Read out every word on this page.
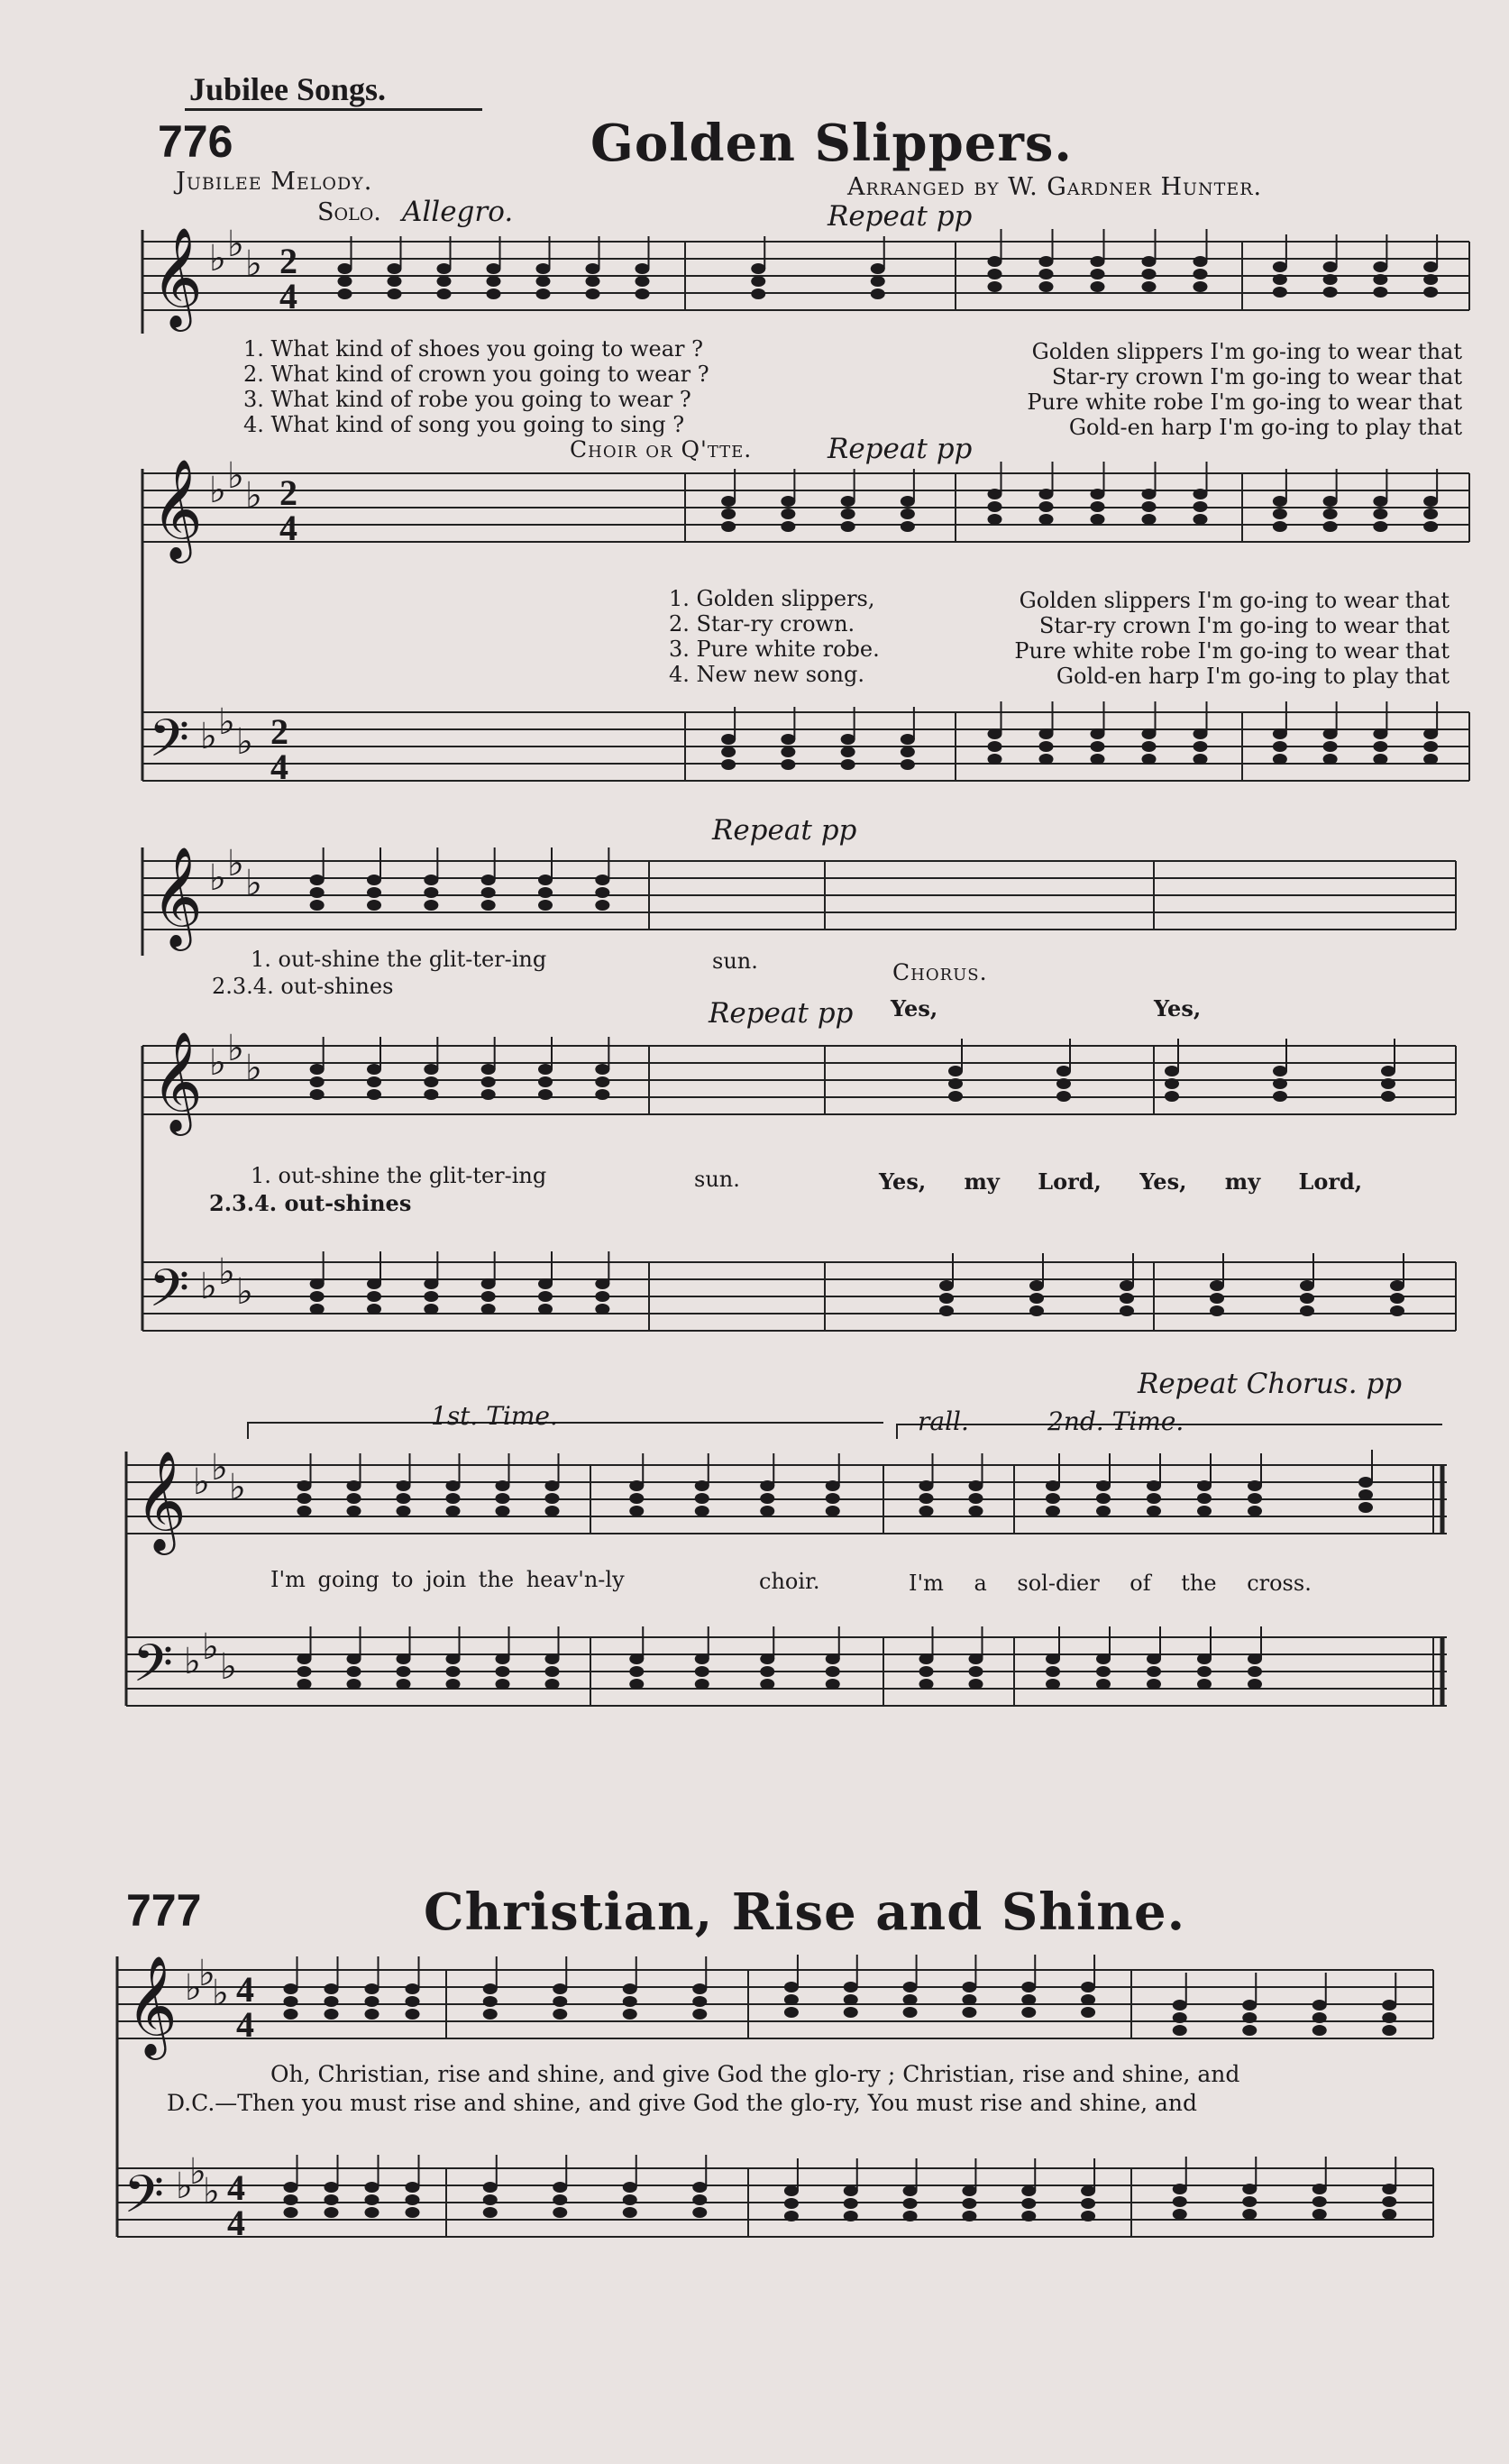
Jubilee Songs.
776	Golden Slippers.
Jubilee Melody.	Arranged by W. Gardner Hunter.
Solo. Allegro.	Repeat pp
𝄞
𝄞
𝄢
𝄞
𝄞
𝄢
𝄞
𝄢
𝄞
𝄢
♭ ♭ ♭
♭ ♭ ♭
♭ ♭ ♭
♭ ♭ ♭
♭ ♭ ♭
♭ ♭ ♭
♭ ♭ ♭
♭ ♭ ♭
♭
♭
♭
♭
♭
♭
2
4
2
4
2
4
4
4
4
4
1. What kind of shoes you going to wear ?
2. What kind of crown you going to wear ?
3. What kind of robe you going to wear ?
4. What kind of song you going to sing ?
Golden slippers I'm go-ing to wear that
Star-ry crown I'm go-ing to wear that
Pure white robe I'm go-ing to wear that
Gold-en harp I'm go-ing to play that
Choir or Q'tte.	Repeat pp
1. Golden slippers,
2. Star-ry crown.
3. Pure white robe.
4. New new song.
Golden slippers I'm go-ing to wear that
Star-ry crown I'm go-ing to wear that
Pure white robe I'm go-ing to wear that
Gold-en harp I'm go-ing to play that
Repeat pp
1. out-shine the glit-ter-ing	sun.
2.3.4. out-shines
Chorus.
Repeat pp Yes,	Yes,
1. out-shine the glit-ter-ing	sun.
2.3.4. out-shines
Yes, my Lord, Yes, my Lord,
Repeat Chorus. pp
1st. Time.	rall.	2nd. Time.
I'm going to join the heav'n-ly	choir.	I'm a sol-dier of the cross.
777	Christian, Rise and Shine.
Oh, Christian, rise and shine, and give God the glo-ry ; Christian, rise and shine, and
D.C.—Then you must rise and shine, and give God the glo-ry, You must rise and shine, and
